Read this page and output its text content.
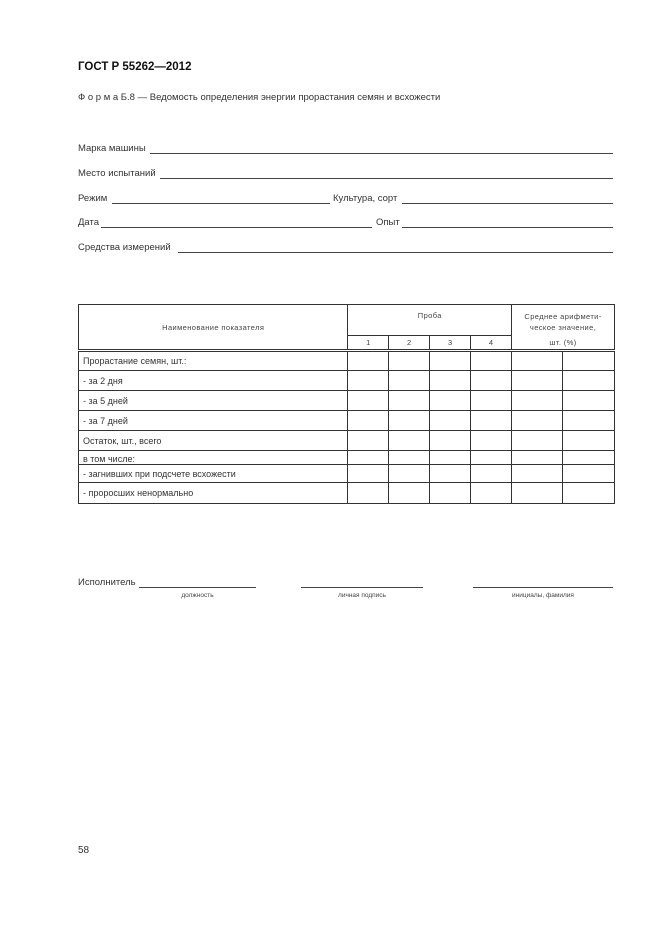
ГОСТ Р 55262—2012
Ф о р м а Б.8 — Ведомость определения энергии прорастания семян и всхожести
Марка машины
Место испытаний
Режим	Культура, сорт
Дата	Опыт
Средства измерений
Наименование показателя	Проба				Среднее арифмети-
ческое значение,	

	1	2	3	4	шт. (%)	
Прорастание семян, шт.:						
- за 2 дня						
- за 5 дней						
- за 7 дней						
Остаток, шт., всего						
в том числе:						
- загнивших при подсчете всхожести						
- проросших ненормально						
Исполнитель
должность	личная подпись	инициалы, фамилия
58
